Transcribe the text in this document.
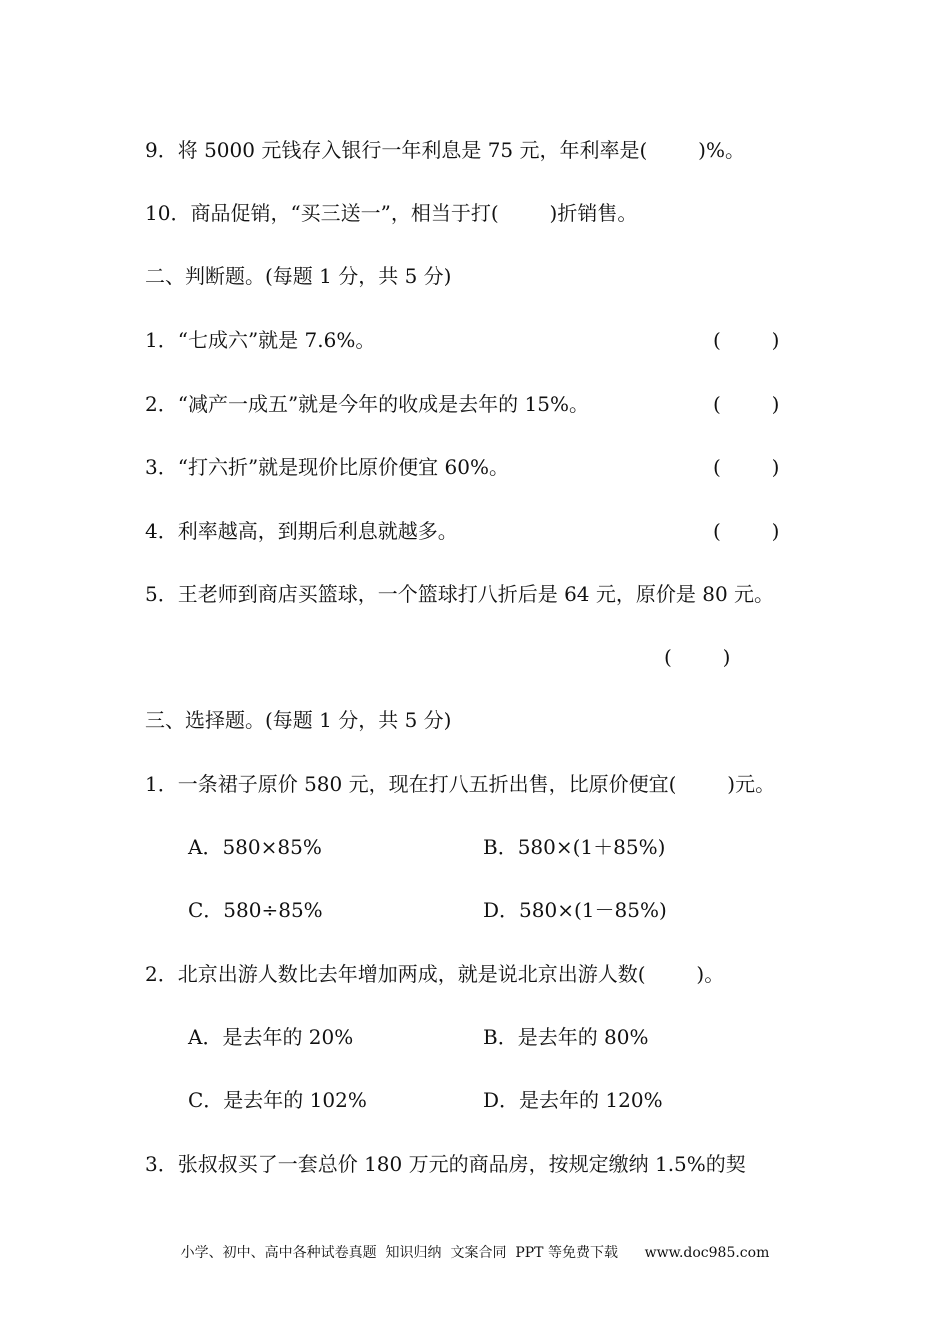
9．将 5000 元钱存入银行一年利息是 75 元，年利率是(        )%。
10．商品促销，“买三送一”，相当于打(        )折销售。
二、判断题。(每题 1 分，共 5 分)
1．“七成六”就是 7.6%。	(        )
2．“减产一成五”就是今年的收成是去年的 15%。	(        )
3．“打六折”就是现价比原价便宜 60%。	(        )
4．利率越高，到期后利息就越多。	(        )
5．王老师到商店买篮球，一个篮球打八折后是 64 元，原价是 80 元。
(        )
三、选择题。(每题 1 分，共 5 分)
1．一条裙子原价 580 元，现在打八五折出售，比原价便宜(        )元。
A．580×85%	B．580×(1＋85%)
C．580÷85%	D．580×(1－85%)
2．北京出游人数比去年增加两成，就是说北京出游人数(        )。
A．是去年的 20%	B．是去年的 80%
C．是去年的 102%	D．是去年的 120%
3．张叔叔买了一套总价 180 万元的商品房，按规定缴纳 1.5%的契
小学、初中、高中各种试卷真题  知识归纳  文案合同  PPT 等免费下载      www.doc985.com
